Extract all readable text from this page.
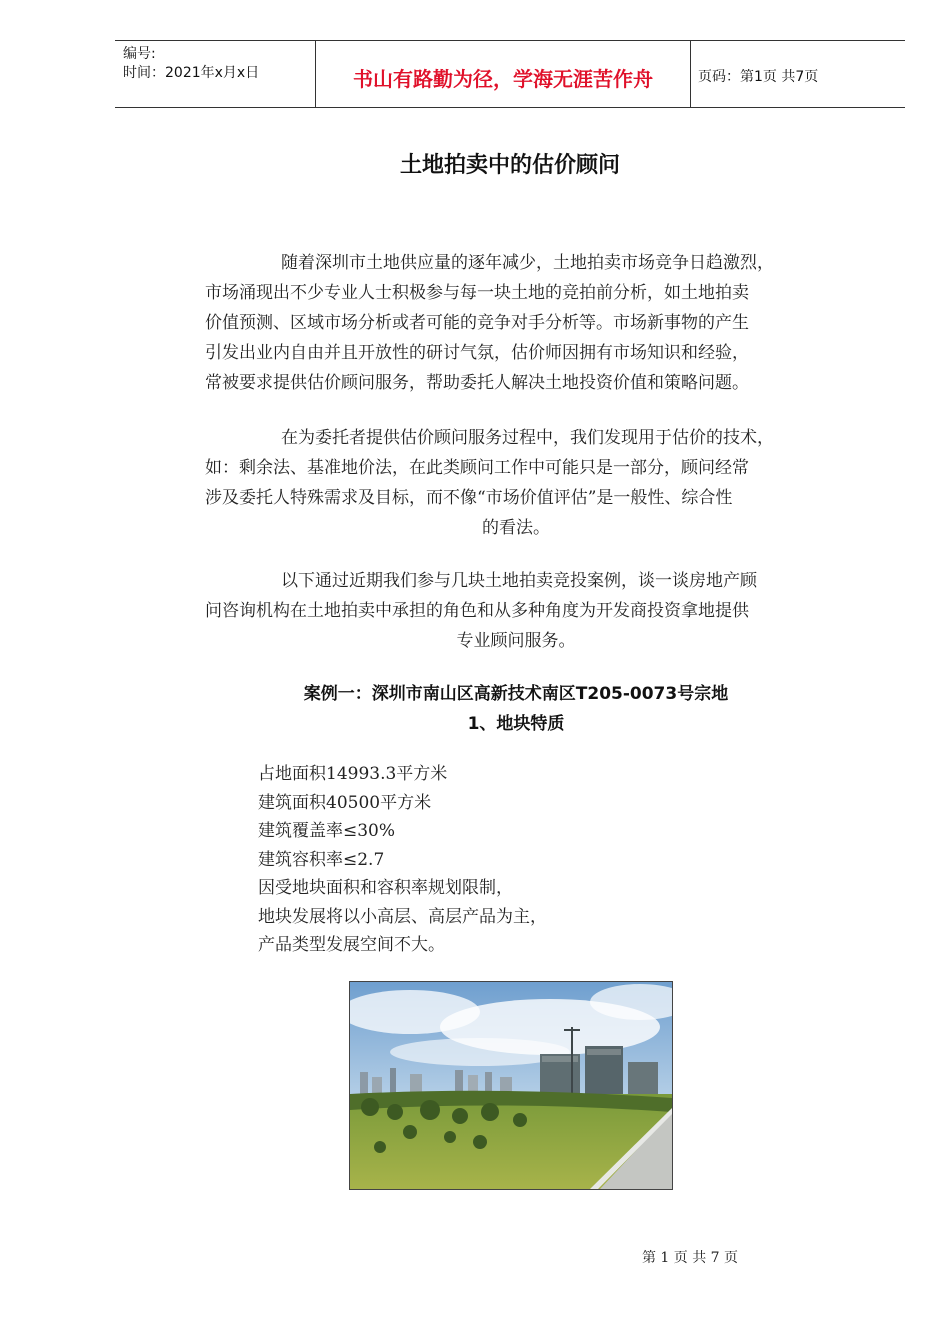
编号:
时间：2021年x月x日	书山有路勤为径，学海无涯苦作舟	页码：第1页 共7页
土地拍卖中的估价顾问
随着深圳市土地供应量的逐年减少，土地拍卖市场竞争日趋激烈，
市场涌现出不少专业人士积极参与每一块土地的竞拍前分析，如土地拍卖
价值预测、区域市场分析或者可能的竞争对手分析等。市场新事物的产生
引发出业内自由并且开放性的研讨气氛，估价师因拥有市场知识和经验，
常被要求提供估价顾问服务，帮助委托人解决土地投资价值和策略问题。
在为委托者提供估价顾问服务过程中，我们发现用于估价的技术，
如：剩余法、基准地价法，在此类顾问工作中可能只是一部分，顾问经常
涉及委托人特殊需求及目标，而不像“市场价值评估”是一般性、综合性
的看法。
以下通过近期我们参与几块土地拍卖竞投案例，谈一谈房地产顾
问咨询机构在土地拍卖中承担的角色和从多种角度为开发商投资拿地提供
专业顾问服务。
案例一：深圳市南山区高新技术南区T205-0073号宗地
1、地块特质
占地面积14993.3平方米
建筑面积40500平方米
建筑覆盖率≤30%
建筑容积率≤2.7
因受地块面积和容积率规划限制，
地块发展将以小高层、高层产品为主，
产品类型发展空间不大。
第 1 页 共 7 页
